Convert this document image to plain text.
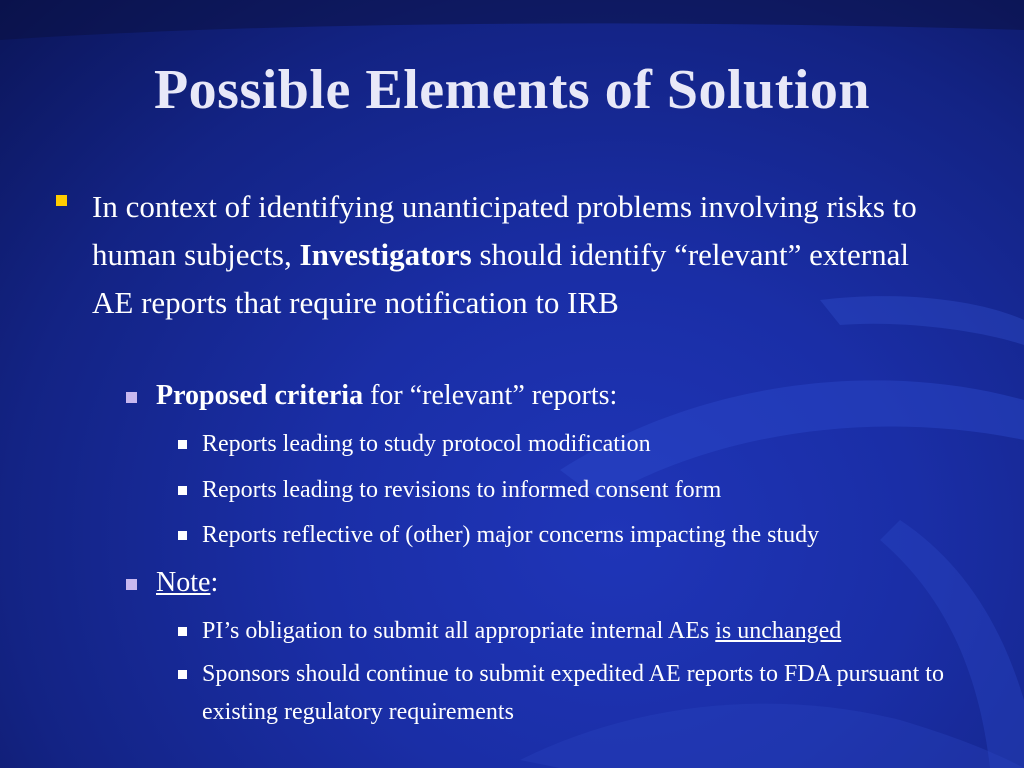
Possible Elements of Solution
In context of identifying unanticipated problems involving risks to human subjects, Investigators should identify “relevant” external AE reports that require notification to IRB
Proposed criteria for “relevant” reports:
Reports leading to study protocol modification
Reports leading to revisions to informed consent form
Reports reflective of (other) major concerns impacting the study
Note:
PI’s obligation to submit all appropriate internal AEs is unchanged
Sponsors should continue to submit expedited AE reports to FDA pursuant to existing regulatory requirements
